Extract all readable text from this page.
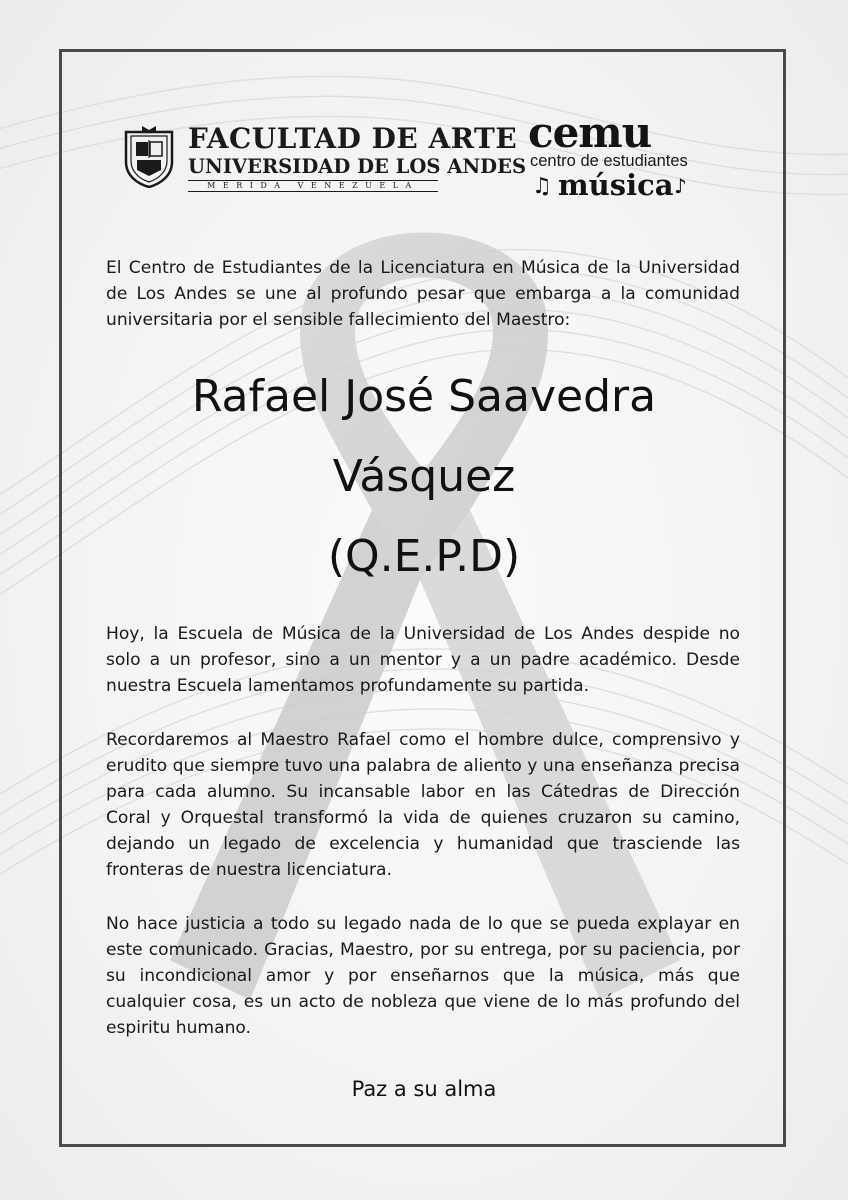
FACULTAD DE ARTE
UNIVERSIDAD DE LOS ANDES
MÉRIDA VENEZUELA
cemu
centro de estudiantes
♫ música ♪

El Centro de Estudiantes de la Licenciatura en Música de la Universidad de Los Andes se une al profundo pesar que embarga a la comunidad universitaria por el sensible fallecimiento del Maestro:

Rafael José Saavedra

Vásquez

(Q.E.P.D)

Hoy, la Escuela de Música de la Universidad de Los Andes despide no solo a un profesor, sino a un mentor y a un padre académico. Desde nuestra Escuela lamentamos profundamente su partida.

Recordaremos al Maestro Rafael como el hombre dulce, comprensivo y erudito que siempre tuvo una palabra de aliento y una enseñanza precisa para cada alumno. Su incansable labor en las Cátedras de Dirección Coral y Orquestal transformó la vida de quienes cruzaron su camino, dejando un legado de excelencia y humanidad que trasciende las fronteras de nuestra licenciatura.

No hace justicia a todo su legado nada de lo que se pueda explayar en este comunicado. Gracias, Maestro, por su entrega, por su paciencia, por su incondicional amor y por enseñarnos que la música, más que cualquier cosa, es un acto de nobleza que viene de lo más profundo del espiritu humano.

Paz a su alma
